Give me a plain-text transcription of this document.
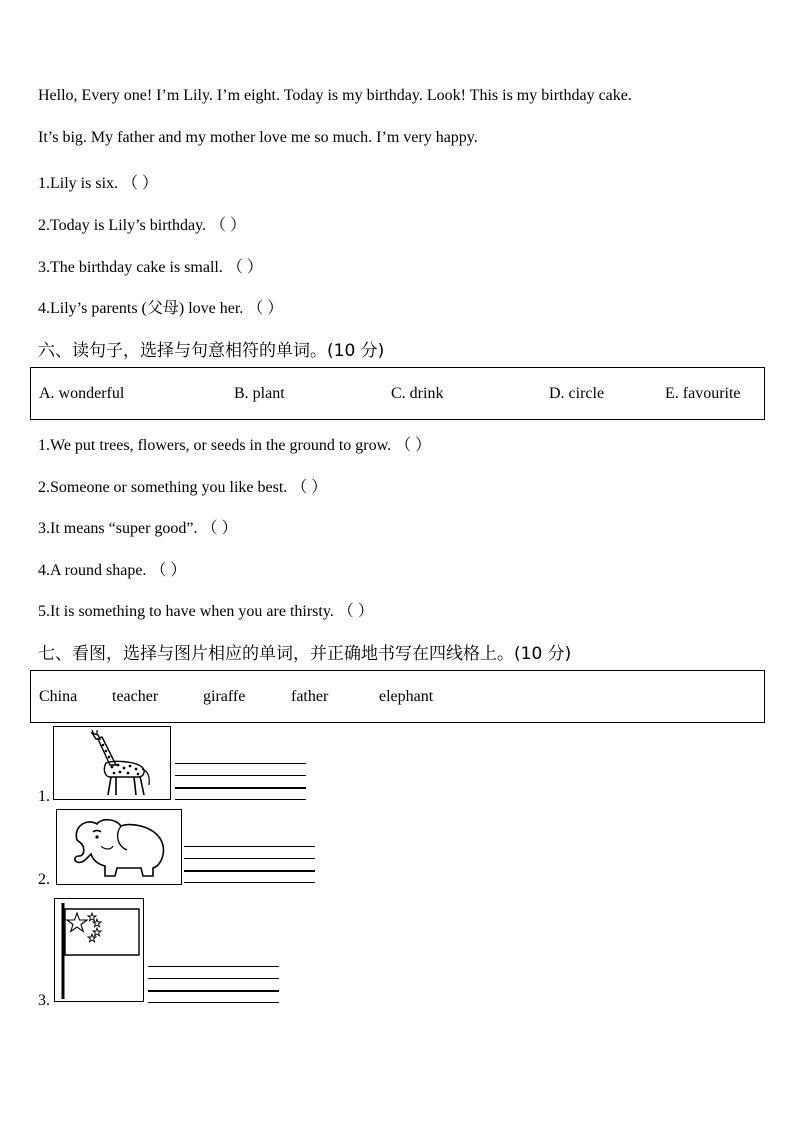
Hello, Every one! I’m Lily. I’m eight. Today is my birthday. Look! This is my birthday cake.
It’s big. My father and my mother love me so much. I’m very happy.
1.Lily is six. （ ）
2.Today is Lily’s birthday. （ ）
3.The birthday cake is small. （ ）
4.Lily’s parents (父母) love her. （ ）
六、读句子，选择与句意相符的单词。(10 分)
A. wonderful	B. plant	C. drink	D. circle	E. favourite
1.We put trees, flowers, or seeds in the ground to grow. （ ）
2.Someone or something you like best. （ ）
3.It means “super good”. （ ）
4.A round shape. （ ）
5.It is something to have when you are thirsty. （ ）
七、看图，选择与图片相应的单词，并正确地书写在四线格上。(10 分)
China teacher	giraffe	father	elephant
1.
2.
3.
